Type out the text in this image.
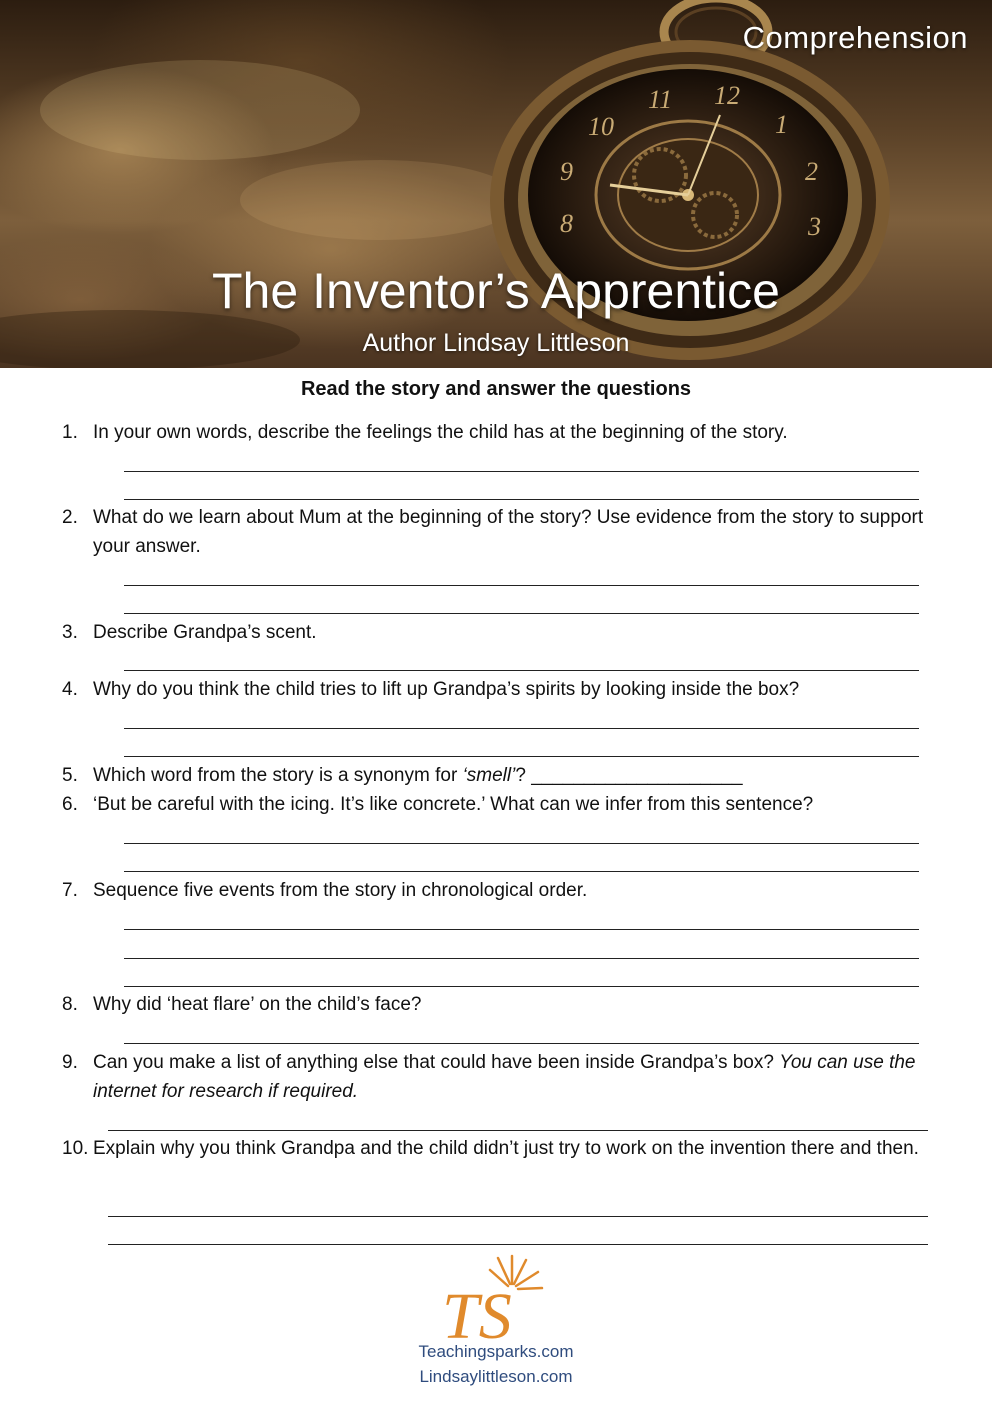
11 12
1
2
3
10
9
8
Comprehension
The Inventor’s Apprentice
Author Lindsay Littleson
Read the story and answer the questions
1. In your own words, describe the feelings the child has at the beginning of the story.
2. What do we learn about Mum at the beginning of the story? Use evidence from the story to support your answer.
3. Describe Grandpa’s scent.
4. Why do you think the child tries to lift up Grandpa’s spirits by looking inside the box?
5. Which word from the story is a synonym for ‘smell’? ____________________
6. ‘But be careful with the icing. It’s like concrete.’ What can we infer from this sentence?
7. Sequence five events from the story in chronological order.
8. Why did ‘heat flare’ on the child’s face?
9. Can you make a list of anything else that could have been inside Grandpa’s box? You can use the internet for research if required.
10. Explain why you think Grandpa and the child didn’t just try to work on the invention there and then.
TS
Teachingsparks.com
Lindsaylittleson.com
